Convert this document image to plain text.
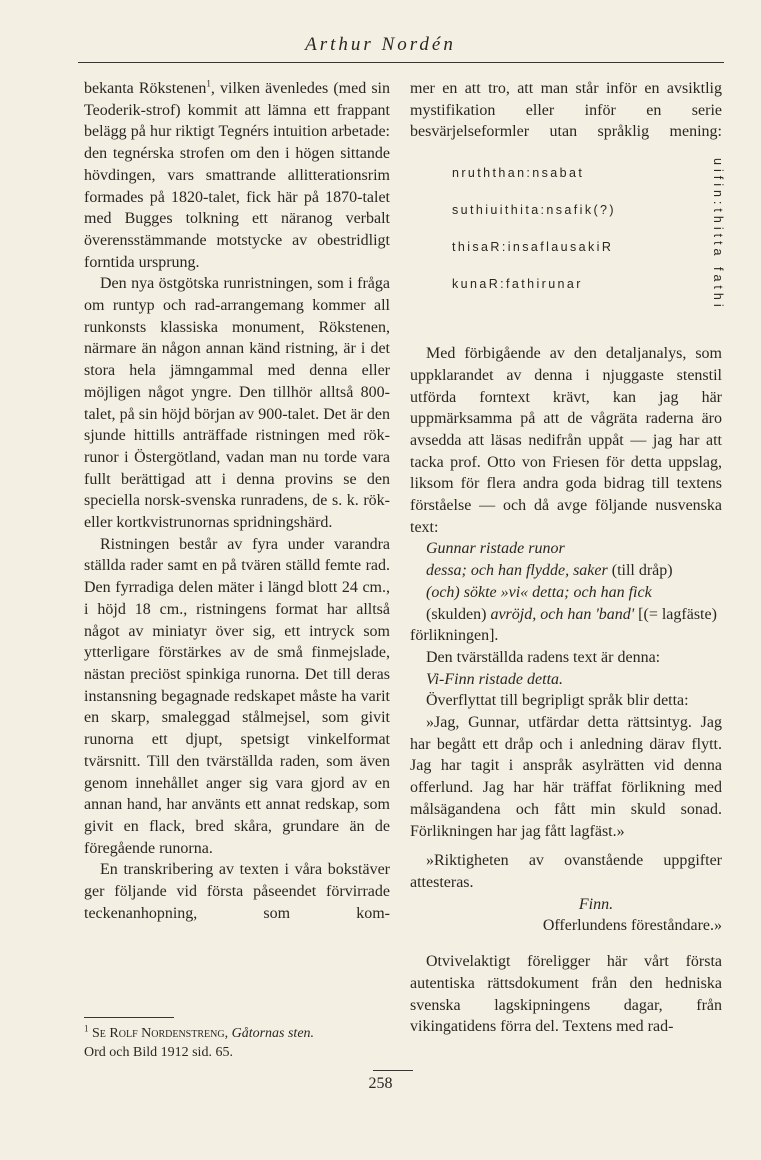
Arthur Nordén

bekanta Rökstenen$^1$, vilken ävenledes (med sin Teoderik-strof) kommit att lämna ett frappant belägg på hur riktigt Tegnérs intuition arbetade: den tegnérska strofen om den i högen sittande hövdingen, vars smattrande allitterationsrim formades på 1820-talet, fick här på 1870-talet med Bugges tolkning ett näranog verbalt överensstämmande motstycke av obestridligt forntida ursprung.

Den nya östgötska runristningen, som i fråga om runtyp och rad-arrangemang kommer all runkonsts klassiska monument, Rökstenen, närmare än någon annan känd ristning, är i det stora hela jämngammal med denna eller möjligen något yngre. Den tillhör alltså 800-talet, på sin höjd början av 900-talet. Det är den sjunde hittills anträffade ristningen med rök-runor i Östergötland, vadan man nu torde vara fullt berättigad att i denna provins se den speciella norsk-svenska runradens, de s. k. rök- eller kortkvistrunornas spridningshärd.

Ristningen består av fyra under varandra ställda rader samt en på tvären ställd femte rad. Den fyrradiga delen mäter i längd blott 24 cm., i höjd 18 cm., ristningens format har alltså något av miniatyr över sig, ett intryck som ytterligare förstärkes av de små finmejslade, nästan preciöst spinkiga runorna. Det till deras instansning begagnade redskapet måste ha varit en skarp, smaleggad stålmejsel, som givit runorna ett djupt, spetsigt vinkelformat tvärsnitt. Till den tvärställda raden, som även genom innehållet anger sig vara gjord av en annan hand, har använts ett annat redskap, som givit en flack, bred skåra, grundare än de föregående runorna.

En transkribering av texten i våra bokstäver ger följande vid första påseendet förvirrade teckenanhopning, som kom-

$^1$ Se Rolf Nordenstreng, Gåtornas sten.
Ord och Bild 1912 sid. 65.

mer en att tro, att man står inför en avsiktlig mystifikation eller inför en serie besvärjelseformler utan språklig mening:

Med förbigående av den detaljanalys, som uppklarandet av denna i njuggaste stenstil utförda forntext krävt, kan jag här uppmärksamma på att de vågräta raderna äro avsedda att läsas nedifrån uppåt — jag har att tacka prof. Otto von Friesen för detta uppslag, liksom för flera andra goda bidrag till textens förståelse — och då avge följande nusvenska text:

Gunnar ristade runor

dessa; och han flydde, saker (till dråp)

(och) sökte »vi« detta; och han fick

(skulden) avröjd, och han 'band' [(= lagfäste) förlikningen].

Den tvärställda radens text är denna:

Vi-Finn ristade detta.

Överflyttat till begripligt språk blir detta:

»Jag, Gunnar, utfärdar detta rättsintyg. Jag har begått ett dråp och i anledning därav flytt. Jag har tagit i anspråk asylrätten vid denna offerlund. Jag har här träffat förlikning med målsägandena och fått min skuld sonad. Förlikningen har jag fått lagfäst.»

»Riktigheten av ovanstående uppgifter attesteras.

Finn.

Offerlundens föreståndare.»

Otvivelaktigt föreligger här vårt första autentiska rättsdokument från den hedniska svenska lagskipningens dagar, från vikingatidens förra del. Textens med rad-

nruththan:nsabat
suthiuithita:nsafik(?)
thisaR:insaflausakiR
kunaR:fathirunar	uifin:thitta fathi
258
